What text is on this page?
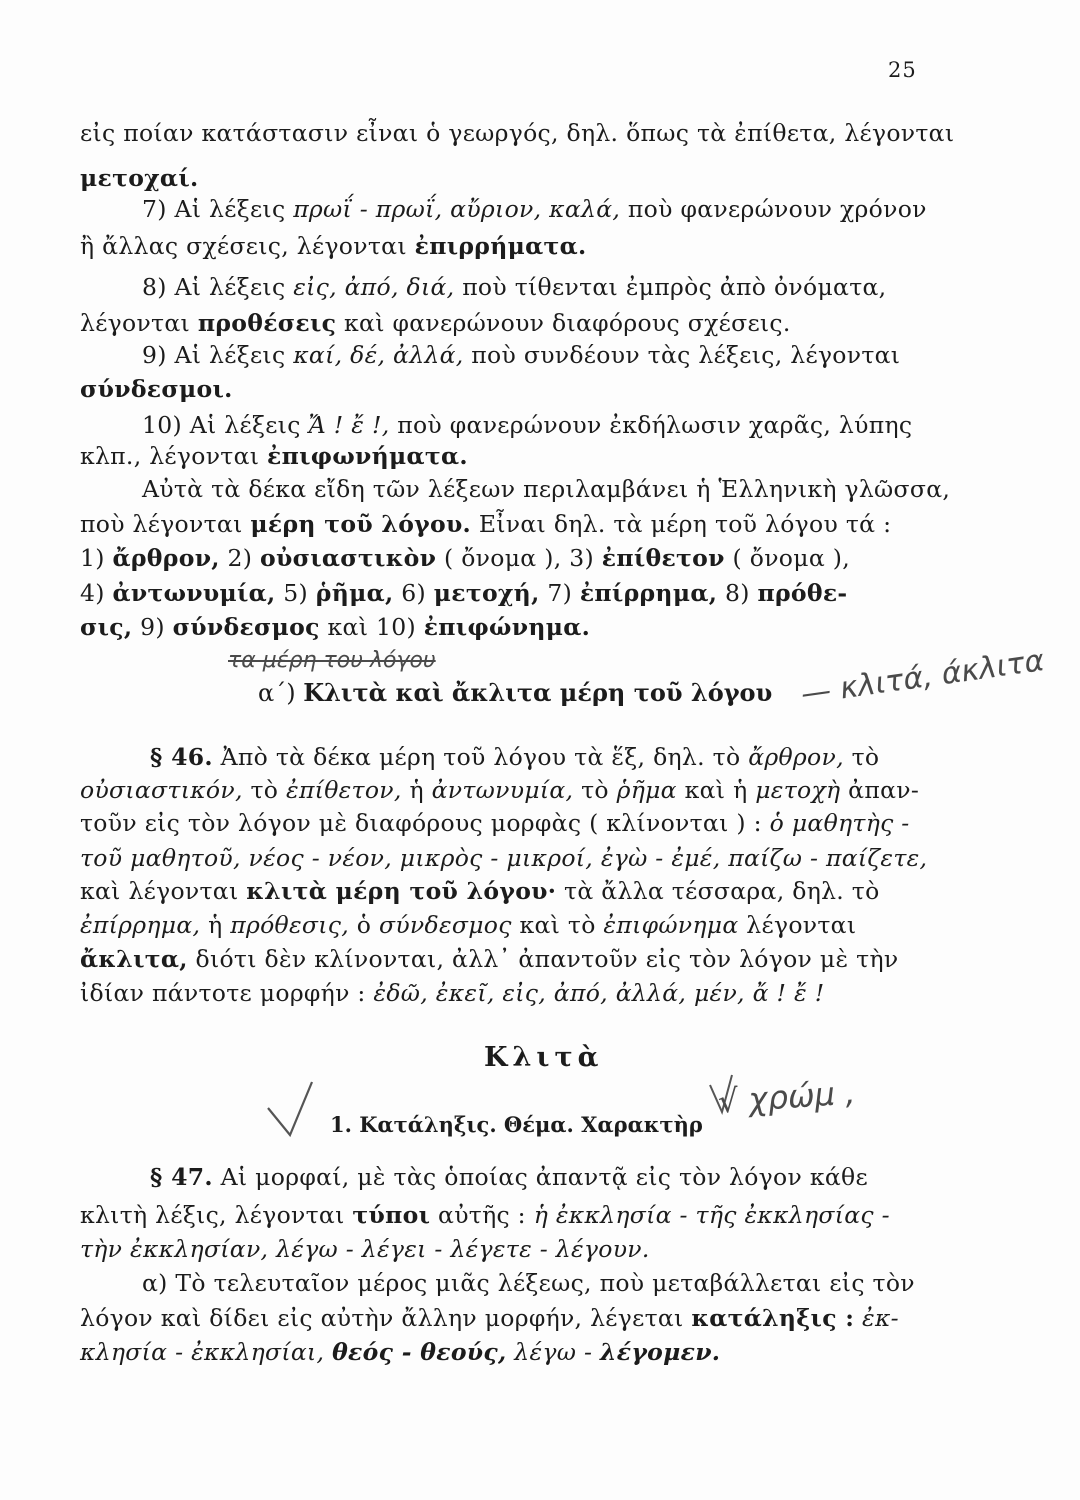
25
εἰς ποίαν κατάστασιν εἶναι ὁ γεωργός, δηλ. ὅπως τὰ ἐπίθετα, λέγονται
μετοχαί.
7) Αἱ λέξεις πρωΐ - πρωΐ, αὔριον, καλά, ποὺ φανερώνουν χρόνον
ἢ ἄλλας σχέσεις, λέγονται ἐπιρρήματα.
8) Αἱ λέξεις εἰς, ἀπό, διά, ποὺ τίθενται ἐμπρὸς ἀπὸ ὀνόματα,
λέγονται προθέσεις καὶ φανερώνουν διαφόρους σχέσεις.
9) Αἱ λέξεις καί, δέ, ἀλλά, ποὺ συνδέουν τὰς λέξεις, λέγονται
σύνδεσμοι.
10) Αἱ λέξεις Ἄ ! ἔ !, ποὺ φανερώνουν ἐκδήλωσιν χαρᾶς, λύπης
κλπ., λέγονται ἐπιφωνήματα.
Αὐτὰ τὰ δέκα εἴδη τῶν λέξεων περιλαμβάνει ἡ Ἑλληνικὴ γλῶσσα,
ποὺ λέγονται μέρη τοῦ λόγου. Εἶναι δηλ. τὰ μέρη τοῦ λόγου τά :
1) ἄρθρον, 2) οὐσιαστικὸν ( ὄνομα ), 3) ἐπίθετον ( ὄνομα ),
4) ἀντωνυμία, 5) ῥῆμα, 6) μετοχή, 7) ἐπίρρημα, 8) πρόθε-
σις, 9) σύνδεσμος καὶ 10) ἐπιφώνημα.
τα μέρη του λόγου
α΄) Κλιτὰ καὶ ἄκλιτα μέρη τοῦ λόγου — κλιτά, άκλιτα
§ 46. Ἀπὸ τὰ δέκα μέρη τοῦ λόγου τὰ ἕξ, δηλ. τὸ ἄρθρον, τὸ
οὐσιαστικόν, τὸ ἐπίθετον, ἡ ἀντωνυμία, τὸ ῥῆμα καὶ ἡ μετοχὴ ἀπαν-
τοῦν εἰς τὸν λόγον μὲ διαφόρους μορφὰς ( κλίνονται ) : ὁ μαθητὴς -
τοῦ μαθητοῦ, νέος - νέον, μικρὸς - μικροί, ἐγὼ - ἐμέ, παίζω - παίζετε,
καὶ λέγονται κλιτὰ μέρη τοῦ λόγου· τὰ ἄλλα τέσσαρα, δηλ. τὸ
ἐπίρρημα, ἡ πρόθεσις, ὁ σύνδεσμος καὶ τὸ ἐπιφώνημα λέγονται
ἄκλιτα, διότι δὲν κλίνονται, ἀλλ᾽ ἀπαντοῦν εἰς τὸν λόγον μὲ τὴν
ἰδίαν πάντοτε μορφήν : ἐδῶ, ἐκεῖ, εἰς, ἀπό, ἀλλά, μέν, ἄ ! ἔ !
Κλιτὰ
1. Κατάληξις. Θέμα. Χαρακτὴρ
√ χρώμ ,
§ 47. Αἱ μορφαί, μὲ τὰς ὁποίας ἀπαντᾷ εἰς τὸν λόγον κάθε
κλιτὴ λέξις, λέγονται τύποι αὐτῆς : ἡ ἐκκλησία - τῆς ἐκκλησίας -
τὴν ἐκκλησίαν, λέγω - λέγει - λέγετε - λέγουν.
α) Τὸ τελευταῖον μέρος μιᾶς λέξεως, ποὺ μεταβάλλεται εἰς τὸν
λόγον καὶ δίδει εἰς αὐτὴν ἄλλην μορφήν, λέγεται κατάληξις : ἐκ-
κλησία - ἐκκλησίαι, θεός - θεούς, λέγω - λέγομεν.
